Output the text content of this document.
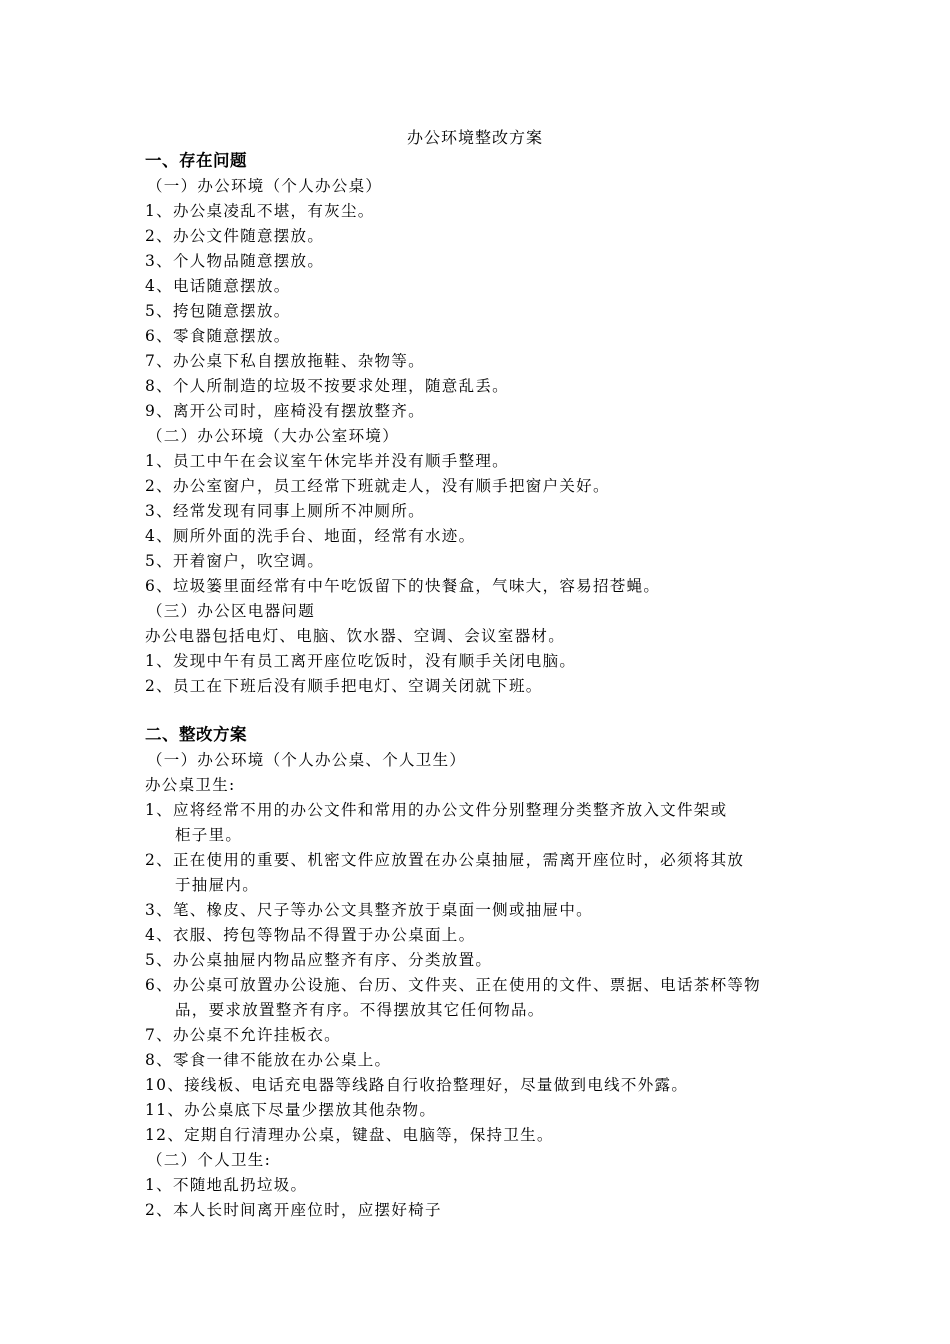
办公环境整改方案
一、存在问题
（一）办公环境（个人办公桌）
1、办公桌凌乱不堪，有灰尘。
2、办公文件随意摆放。
3、个人物品随意摆放。
4、电话随意摆放。
5、挎包随意摆放。
6、零食随意摆放。
7、办公桌下私自摆放拖鞋、杂物等。
8、个人所制造的垃圾不按要求处理，随意乱丢。
9、离开公司时，座椅没有摆放整齐。
（二）办公环境（大办公室环境）
1、员工中午在会议室午休完毕并没有顺手整理。
2、办公室窗户，员工经常下班就走人，没有顺手把窗户关好。
3、经常发现有同事上厕所不冲厕所。
4、厕所外面的洗手台、地面，经常有水迹。
5、开着窗户，吹空调。
6、垃圾篓里面经常有中午吃饭留下的快餐盒，气味大，容易招苍蝇。
（三）办公区电器问题
办公电器包括电灯、电脑、饮水器、空调、会议室器材。
1、发现中午有员工离开座位吃饭时，没有顺手关闭电脑。
2、员工在下班后没有顺手把电灯、空调关闭就下班。
二、整改方案
（一）办公环境（个人办公桌、个人卫生）
办公桌卫生:
1、应将经常不用的办公文件和常用的办公文件分别整理分类整齐放入文件架或
柜子里。
2、正在使用的重要、机密文件应放置在办公桌抽屉，需离开座位时，必须将其放
于抽屉内。
3、笔、橡皮、尺子等办公文具整齐放于桌面一侧或抽屉中。
4、衣服、挎包等物品不得置于办公桌面上。
5、办公桌抽屉内物品应整齐有序、分类放置。
6、办公桌可放置办公设施、台历、文件夹、正在使用的文件、票据、电话茶杯等物
品，要求放置整齐有序。不得摆放其它任何物品。
7、办公桌不允许挂板衣。
8、零食一律不能放在办公桌上。
10、接线板、电话充电器等线路自行收拾整理好，尽量做到电线不外露。
11、办公桌底下尽量少摆放其他杂物。
12、定期自行清理办公桌，键盘、电脑等，保持卫生。
（二）个人卫生:
1、不随地乱扔垃圾。
2、本人长时间离开座位时，应摆好椅子
